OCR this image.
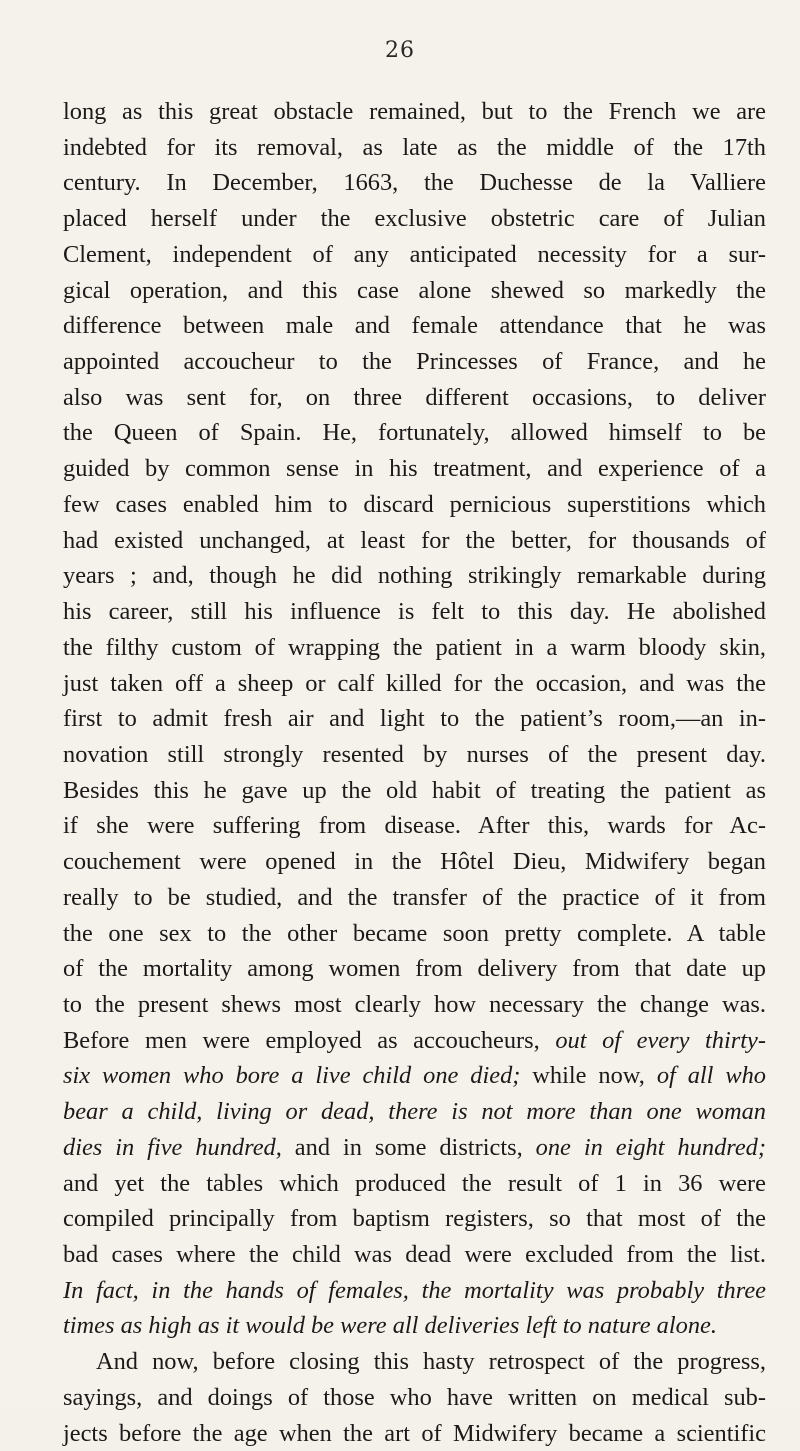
26
long as this great obstacle remained, but to the French we are
indebted for its removal, as late as the middle of the 17th
century. In December, 1663, the Duchesse de la Valliere
placed herself under the exclusive obstetric care of Julian
Clement, independent of any anticipated necessity for a sur-
gical operation, and this case alone shewed so markedly the
difference between male and female attendance that he was
appointed accoucheur to the Princesses of France, and he
also was sent for, on three different occasions, to deliver
the Queen of Spain. He, fortunately, allowed himself to be
guided by common sense in his treatment, and experience of a
few cases enabled him to discard pernicious superstitions which
had existed unchanged, at least for the better, for thousands of
years ; and, though he did nothing strikingly remarkable during
his career, still his influence is felt to this day. He abolished
the filthy custom of wrapping the patient in a warm bloody skin,
just taken off a sheep or calf killed for the occasion, and was the
first to admit fresh air and light to the patient’s room,—an in-
novation still strongly resented by nurses of the present day.
Besides this he gave up the old habit of treating the patient as
if she were suffering from disease. After this, wards for Ac-
couchement were opened in the Hôtel Dieu, Midwifery began
really to be studied, and the transfer of the practice of it from
the one sex to the other became soon pretty complete. A table
of the mortality among women from delivery from that date up
to the present shews most clearly how necessary the change was.
Before men were employed as accoucheurs, out of every thirty-
six women who bore a live child one died; while now, of all who
bear a child, living or dead, there is not more than one woman
dies in five hundred, and in some districts, one in eight hundred;
and yet the tables which produced the result of 1 in 36 were
compiled principally from baptism registers, so that most of the
bad cases where the child was dead were excluded from the list.
In fact, in the hands of females, the mortality was probably three
times as high as it would be were all deliveries left to nature alone.
And now, before closing this hasty retrospect of the progress,
sayings, and doings of those who have written on medical sub-
jects before the age when the art of Midwifery became a scientific
